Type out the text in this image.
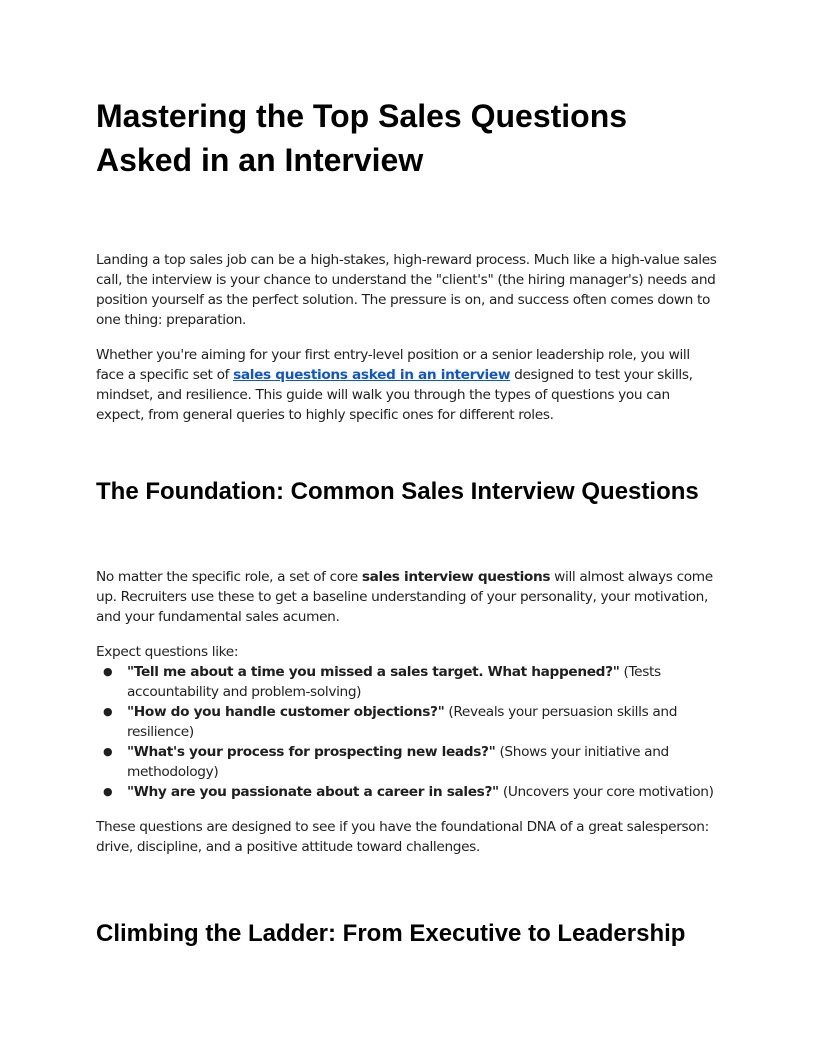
Mastering the Top Sales Questions Asked in an Interview

Landing a top sales job can be a high-stakes, high-reward process. Much like a high-value sales call, the interview is your chance to understand the "client's" (the hiring manager's) needs and position yourself as the perfect solution. The pressure is on, and success often comes down to one thing: preparation.

Whether you're aiming for your first entry-level position or a senior leadership role, you will face a specific set of sales questions asked in an interview designed to test your skills, mindset, and resilience. This guide will walk you through the types of questions you can expect, from general queries to highly specific ones for different roles.

The Foundation: Common Sales Interview Questions

No matter the specific role, a set of core sales interview questions will almost always come up. Recruiters use these to get a baseline understanding of your personality, your motivation, and your fundamental sales acumen.

Expect questions like:

● "Tell me about a time you missed a sales target. What happened?" (Tests accountability and problem-solving)
● "How do you handle customer objections?" (Reveals your persuasion skills and resilience)
● "What's your process for prospecting new leads?" (Shows your initiative and methodology)
● "Why are you passionate about a career in sales?" (Uncovers your core motivation)

These questions are designed to see if you have the foundational DNA of a great salesperson: drive, discipline, and a positive attitude toward challenges.

Climbing the Ladder: From Executive to Leadership
